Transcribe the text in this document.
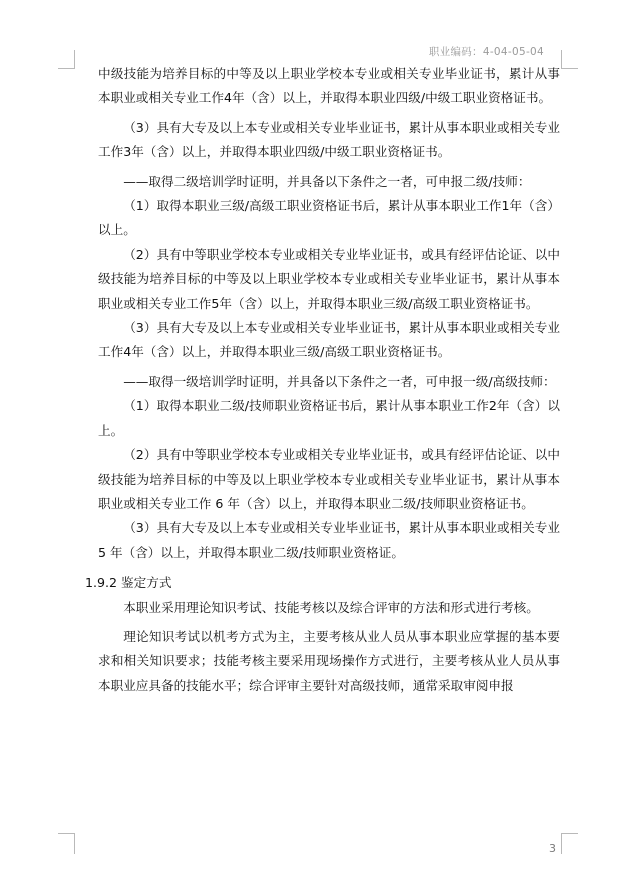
职业编码：4-04-05-04

中级技能为培养目标的中等及以上职业学校本专业或相关专业毕业证书，累计从事本职业或相关专业工作4年（含）以上，并取得本职业四级/中级工职业资格证书。

（3）具有大专及以上本专业或相关专业毕业证书，累计从事本职业或相关专业工作3年（含）以上，并取得本职业四级/中级工职业资格证书。

——取得二级培训学时证明，并具备以下条件之一者，可申报二级/技师：

（1）取得本职业三级/高级工职业资格证书后，累计从事本职业工作1年（含）以上。

（2）具有中等职业学校本专业或相关专业毕业证书，或具有经评估论证、以中级技能为培养目标的中等及以上职业学校本专业或相关专业毕业证书，累计从事本职业或相关专业工作5年（含）以上，并取得本职业三级/高级工职业资格证书。

（3）具有大专及以上本专业或相关专业毕业证书，累计从事本职业或相关专业工作4年（含）以上，并取得本职业三级/高级工职业资格证书。

——取得一级培训学时证明，并具备以下条件之一者，可申报一级/高级技师：

（1）取得本职业二级/技师职业资格证书后，累计从事本职业工作2年（含）以上。

（2）具有中等职业学校本专业或相关专业毕业证书，或具有经评估论证、以中级技能为培养目标的中等及以上职业学校本专业或相关专业毕业证书，累计从事本职业或相关专业工作 6 年（含）以上，并取得本职业二级/技师职业资格证书。

（3）具有大专及以上本专业或相关专业毕业证书，累计从事本职业或相关专业 5 年（含）以上，并取得本职业二级/技师职业资格证。

1.9.2 鉴定方式

本职业采用理论知识考试、技能考核以及综合评审的方法和形式进行考核。

理论知识考试以机考方式为主，主要考核从业人员从事本职业应掌握的基本要求和相关知识要求；技能考核主要采用现场操作方式进行，主要考核从业人员从事本职业应具备的技能水平；综合评审主要针对高级技师，通常采取审阅申报

3
